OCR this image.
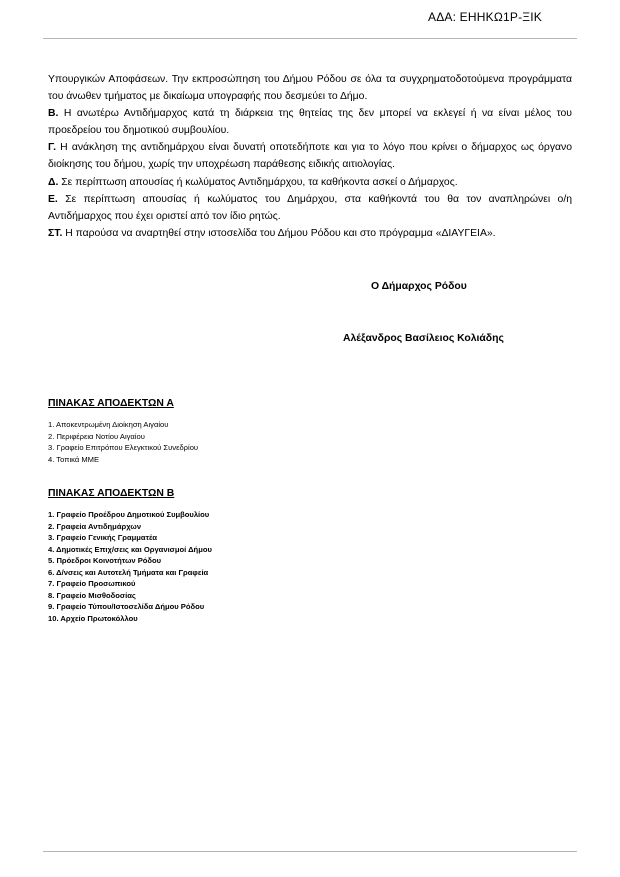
ΑΔΑ: ΕΗΗΚΩ1Ρ-ΞΙΚ

Υπουργικών Αποφάσεων. Την εκπροσώπηση του Δήμου Ρόδου σε όλα τα συγχρηματοδοτούμενα προγράμματα του άνωθεν τμήματος με δικαίωμα υπογραφής που δεσμεύει το Δήμο.

Β. Η ανωτέρω Αντιδήμαρχος κατά τη διάρκεια της θητείας της δεν μπορεί να εκλεγεί ή να είναι μέλος του προεδρείου του δημοτικού συμβουλίου.

Γ. Η ανάκληση της αντιδημάρχου είναι δυνατή οποτεδήποτε και για το λόγο που κρίνει ο δήμαρχος ως όργανο διοίκησης του δήμου, χωρίς την υποχρέωση παράθεσης ειδικής αιτιολογίας.

Δ. Σε περίπτωση απουσίας ή κωλύματος Αντιδημάρχου, τα καθήκοντα ασκεί ο Δήμαρχος.

Ε. Σε περίπτωση απουσίας ή κωλύματος του Δημάρχου, στα καθήκοντά του θα τον αναπληρώνει ο/η Αντιδήμαρχος που έχει οριστεί από τον ίδιο ρητώς.

ΣΤ. Η παρούσα να αναρτηθεί στην ιστοσελίδα του Δήμου Ρόδου και στο πρόγραμμα «ΔΙΑΥΓΕΙΑ».

Ο Δήμαρχος Ρόδου
Αλέξανδρος Βασίλειος Κολιάδης
ΠΙΝΑΚΑΣ ΑΠΟΔΕΚΤΩΝ Α
1. Αποκεντρωμένη Διοίκηση Αιγαίου
2. Περιφέρεια Νοτίου Αιγαίου
3. Γραφείο Επιτρόπου Ελεγκτικού Συνεδρίου
4. Τοπικά ΜΜΕ
ΠΙΝΑΚΑΣ ΑΠΟΔΕΚΤΩΝ Β
1. Γραφείο Προέδρου Δημοτικού Συμβουλίου
2. Γραφεία Αντιδημάρχων
3. Γραφείο Γενικής Γραμματέα
4. Δημοτικές Επιχ/σεις και Οργανισμοί Δήμου
5. Πρόεδροι Κοινοτήτων Ρόδου
6. Δ/νσεις και Αυτοτελή Τμήματα και Γραφεία
7. Γραφείο Προσωπικού
8. Γραφείο Μισθοδοσίας
9. Γραφείο Τύπου/Ιστοσελίδα Δήμου Ρόδου
10. Αρχείο Πρωτοκόλλου
